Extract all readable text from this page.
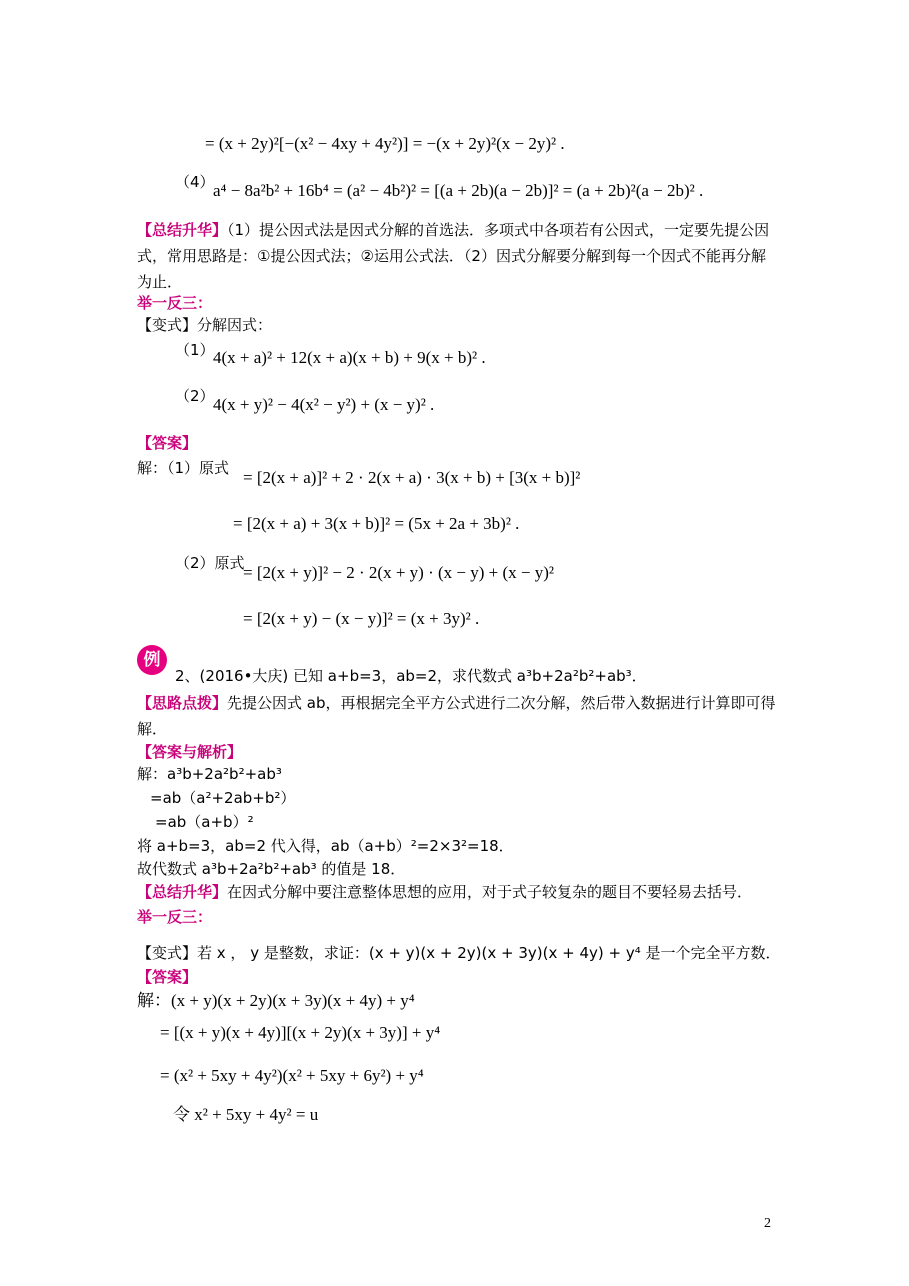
= (x + 2y)²[−(x² − 4xy + 4y²)] = −(x + 2y)²(x − 2y)² .
（4）
a⁴ − 8a²b² + 16b⁴ = (a² − 4b²)² = [(a + 2b)(a − 2b)]² = (a + 2b)²(a − 2b)² .
【总结升华】（1）提公因式法是因式分解的首选法．多项式中各项若有公因式，一定要先提公因式，常用思路是：①提公因式法；②运用公式法．（2）因式分解要分解到每一个因式不能再分解为止．
举一反三：
【变式】分解因式：
（1）
4(x + a)² + 12(x + a)(x + b) + 9(x + b)² .
（2）
4(x + y)² − 4(x² − y²) + (x − y)² .
【答案】
解：（1）原式 = [2(x + a)]² + 2 · 2(x + a) · 3(x + b) + [3(x + b)]²
= [2(x + a) + 3(x + b)]² = (5x + 2a + 3b)² .
（2）原式
= [2(x + y)]² − 2 · 2(x + y) · (x − y) + (x − y)²
= [2(x + y) − (x − y)]² = (x + 3y)² .
例
2、(2016•大庆) 已知 a+b=3，ab=2，求代数式 a³b+2a²b²+ab³．
【思路点拨】先提公因式 ab，再根据完全平方公式进行二次分解，然后带入数据进行计算即可得解．
【答案与解析】
解：a³b+2a²b²+ab³
=ab（a²+2ab+b²）
=ab（a+b）²
将 a+b=3，ab=2 代入得，ab（a+b）²=2×3²=18．
故代数式 a³b+2a²b²+ab³ 的值是 18．
【总结升华】在因式分解中要注意整体思想的应用，对于式子较复杂的题目不要轻易去括号．
举一反三：
【变式】若 x ， y 是整数，求证：(x + y)(x + 2y)(x + 3y)(x + 4y) + y⁴ 是一个完全平方数．
【答案】
解：(x + y)(x + 2y)(x + 3y)(x + 4y) + y⁴
= [(x + y)(x + 4y)][(x + 2y)(x + 3y)] + y⁴
= (x² + 5xy + 4y²)(x² + 5xy + 6y²) + y⁴
令 x² + 5xy + 4y² = u
2
